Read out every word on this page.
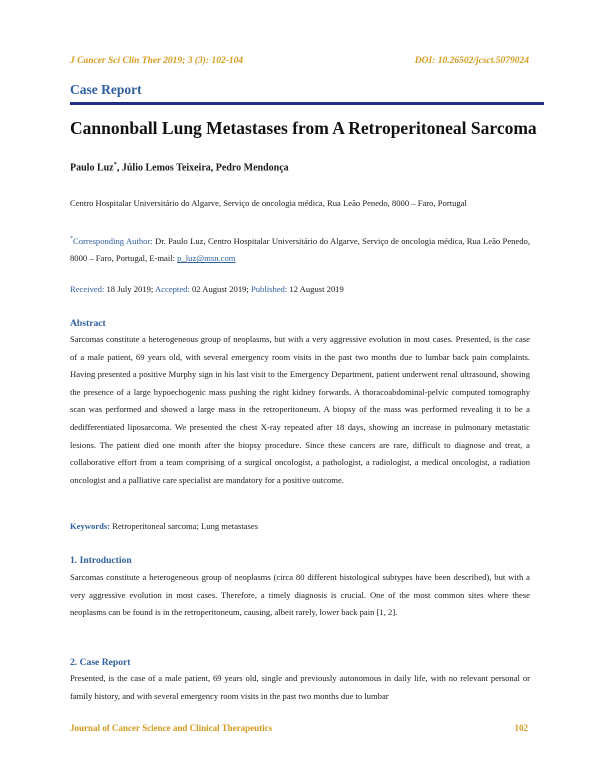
J Cancer Sci Clin Ther 2019; 3 (3): 102-104	DOI: 10.26502/jcsct.5079024
Case Report
Cannonball Lung Metastases from A Retroperitoneal Sarcoma
Paulo Luz*, Júlio Lemos Teixeira, Pedro Mendonça
Centro Hospitalar Universitário do Algarve, Serviço de oncologia médica, Rua Leão Penedo, 8000 – Faro, Portugal
*Corresponding Author: Dr. Paulo Luz, Centro Hospitalar Universitário do Algarve, Serviço de oncologia médica, Rua Leão Penedo, 8000 – Faro, Portugal, E-mail: p_luz@msn.com
Received: 18 July 2019; Accepted: 02 August 2019; Published: 12 August 2019
Abstract
Sarcomas constitute a heterogeneous group of neoplasms, but with a very aggressive evolution in most cases. Presented, is the case of a male patient, 69 years old, with several emergency room visits in the past two months due to lumbar back pain complaints. Having presented a positive Murphy sign in his last visit to the Emergency Department, patient underwent renal ultrasound, showing the presence of a large hypoechogenic mass pushing the right kidney forwards. A thoracoabdominal-pelvic computed tomography scan was performed and showed a large mass in the retroperitoneum. A biopsy of the mass was performed revealing it to be a dedifferentiated liposarcoma. We presented the chest X-ray repeated after 18 days, showing an increase in pulmonary metastatic lesions. The patient died one month after the biopsy procedure. Since these cancers are rare, difficult to diagnose and treat, a collaborative effort from a team comprising of a surgical oncologist, a pathologist, a radiologist, a medical oncologist, a radiation oncologist and a palliative care specialist are mandatory for a positive outcome.
Keywords: Retroperitoneal sarcoma; Lung metastases
1. Introduction
Sarcomas constitute a heterogeneous group of neoplasms (circa 80 different histological subtypes have been described), but with a very aggressive evolution in most cases. Therefore, a timely diagnosis is crucial. One of the most common sites where these neoplasms can be found is in the retroperitoneum, causing, albeit rarely, lower back pain [1, 2].
2. Case Report
Presented, is the case of a male patient, 69 years old, single and previously autonomous in daily life, with no relevant personal or family history, and with several emergency room visits in the past two months due to lumbar
Journal of Cancer Science and Clinical Therapeutics	102
